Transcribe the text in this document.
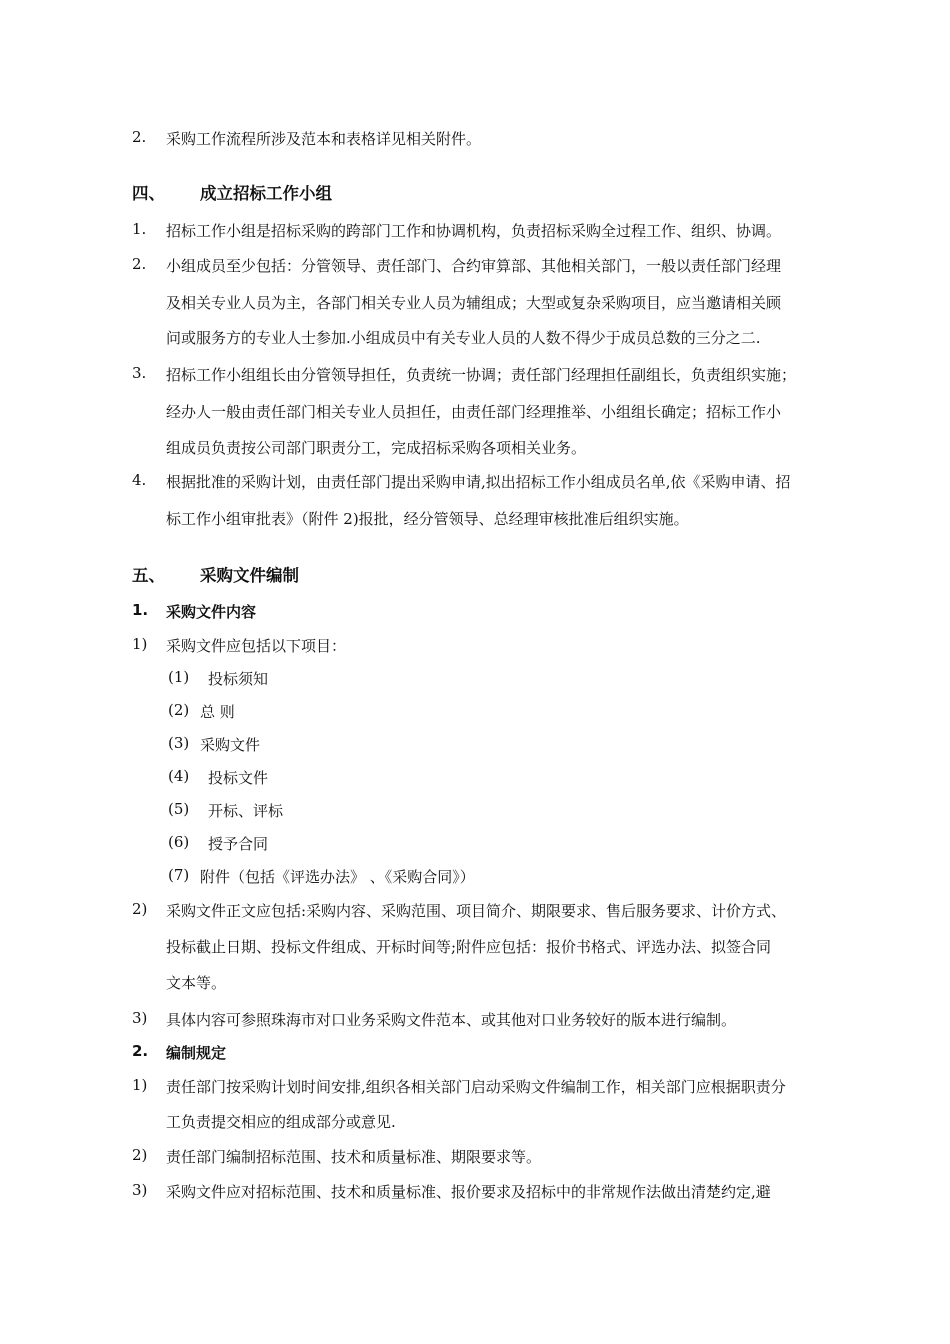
2. 采购工作流程所涉及范本和表格详见相关附件。
四、 成立招标工作小组
1. 招标工作小组是招标采购的跨部门工作和协调机构，负责招标采购全过程工作、组织、协调。
2. 小组成员至少包括：分管领导、责任部门、合约审算部、其他相关部门，一般以责任部门经理
及相关专业人员为主，各部门相关专业人员为辅组成；大型或复杂采购项目，应当邀请相关顾
问或服务方的专业人士参加.小组成员中有关专业人员的人数不得少于成员总数的三分之二.
3. 招标工作小组组长由分管领导担任，负责统一协调；责任部门经理担任副组长，负责组织实施；
经办人一般由责任部门相关专业人员担任，由责任部门经理推举、小组组长确定；招标工作小
组成员负责按公司部门职责分工，完成招标采购各项相关业务。
4. 根据批准的采购计划，由责任部门提出采购申请,拟出招标工作小组成员名单,依《采购申请、招
标工作小组审批表》（附件 2)报批，经分管领导、总经理审核批准后组织实施。
五、 采购文件编制
1. 采购文件内容
1) 采购文件应包括以下项目：
(1) 投标须知
(2) 总 则
(3) 采购文件
(4) 投标文件
(5) 开标、评标
(6) 授予合同
(7) 附件（包括《评选办法》 、《采购合同》）
2) 采购文件正文应包括:采购内容、采购范围、项目简介、期限要求、售后服务要求、计价方式、
投标截止日期、投标文件组成、开标时间等;附件应包括：报价书格式、评选办法、拟签合同
文本等。
3) 具体内容可参照珠海市对口业务采购文件范本、或其他对口业务较好的版本进行编制。
2. 编制规定
1) 责任部门按采购计划时间安排,组织各相关部门启动采购文件编制工作，相关部门应根据职责分
工负责提交相应的组成部分或意见.
2) 责任部门编制招标范围、技术和质量标准、期限要求等。
3) 采购文件应对招标范围、技术和质量标准、报价要求及招标中的非常规作法做出清楚约定,避
